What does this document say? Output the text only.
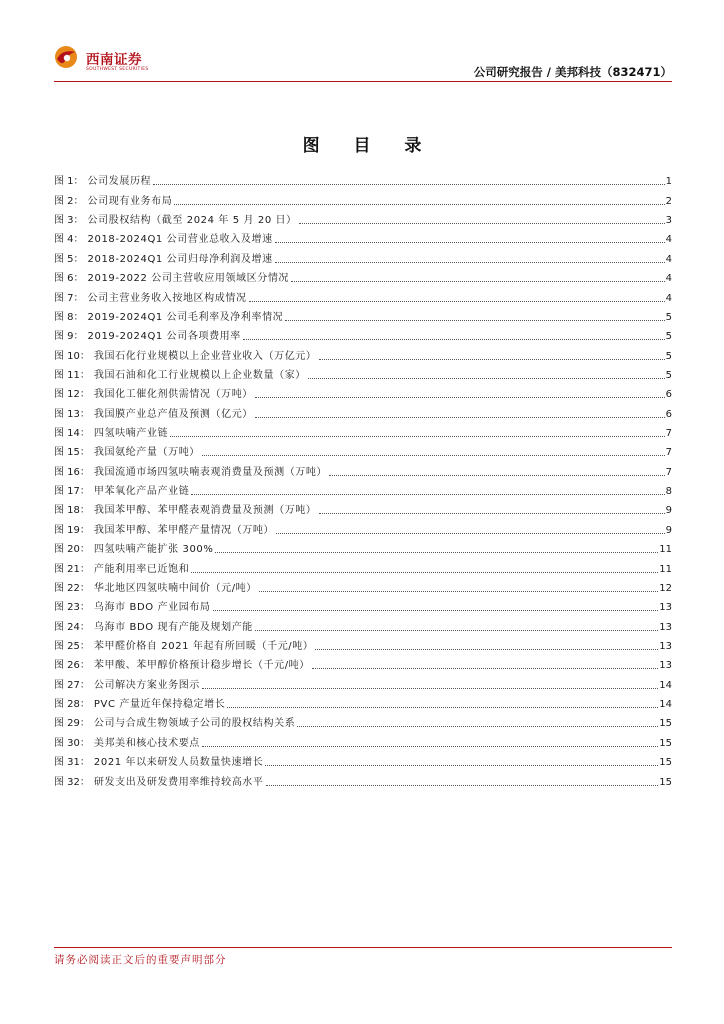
西南证券
SOUTHWEST SECURITIES	公司研究报告 / 美邦科技（832471）
图 目 录
图 1： 公司发展历程	1
图 2： 公司现有业务布局	2
图 3： 公司股权结构（截至 2024 年 5 月 20 日）	3
图 4： 2018-2024Q1 公司营业总收入及增速	4
图 5： 2018-2024Q1 公司归母净利润及增速	4
图 6： 2019-2022 公司主营收应用领域区分情况	4
图 7： 公司主营业务收入按地区构成情况	4
图 8： 2019-2024Q1 公司毛利率及净利率情况	5
图 9： 2019-2024Q1 公司各项费用率	5
图 10： 我国石化行业规模以上企业营业收入（万亿元）	5
图 11： 我国石油和化工行业规模以上企业数量（家）	5
图 12： 我国化工催化剂供需情况（万吨）	6
图 13： 我国膜产业总产值及预测（亿元）	6
图 14： 四氢呋喃产业链	7
图 15： 我国氨纶产量（万吨）	7
图 16： 我国流通市场四氢呋喃表观消费量及预测（万吨）	7
图 17： 甲苯氧化产品产业链	8
图 18： 我国苯甲醇、苯甲醛表观消费量及预测（万吨）	9
图 19： 我国苯甲醇、苯甲醛产量情况（万吨）	9
图 20： 四氢呋喃产能扩张 300%	11
图 21： 产能利用率已近饱和	11
图 22： 华北地区四氢呋喃中间价（元/吨）	12
图 23： 乌海市 BDO 产业园布局	13
图 24： 乌海市 BDO 现有产能及规划产能	13
图 25： 苯甲醛价格自 2021 年起有所回暖（千元/吨）	13
图 26： 苯甲酸、苯甲醇价格预计稳步增长（千元/吨）	13
图 27： 公司解决方案业务图示	14
图 28： PVC 产量近年保持稳定增长	14
图 29： 公司与合成生物领域子公司的股权结构关系	15
图 30： 美邦美和核心技术要点	15
图 31： 2021 年以来研发人员数量快速增长	15
图 32： 研发支出及研发费用率维持较高水平	15
请务必阅读正文后的重要声明部分
